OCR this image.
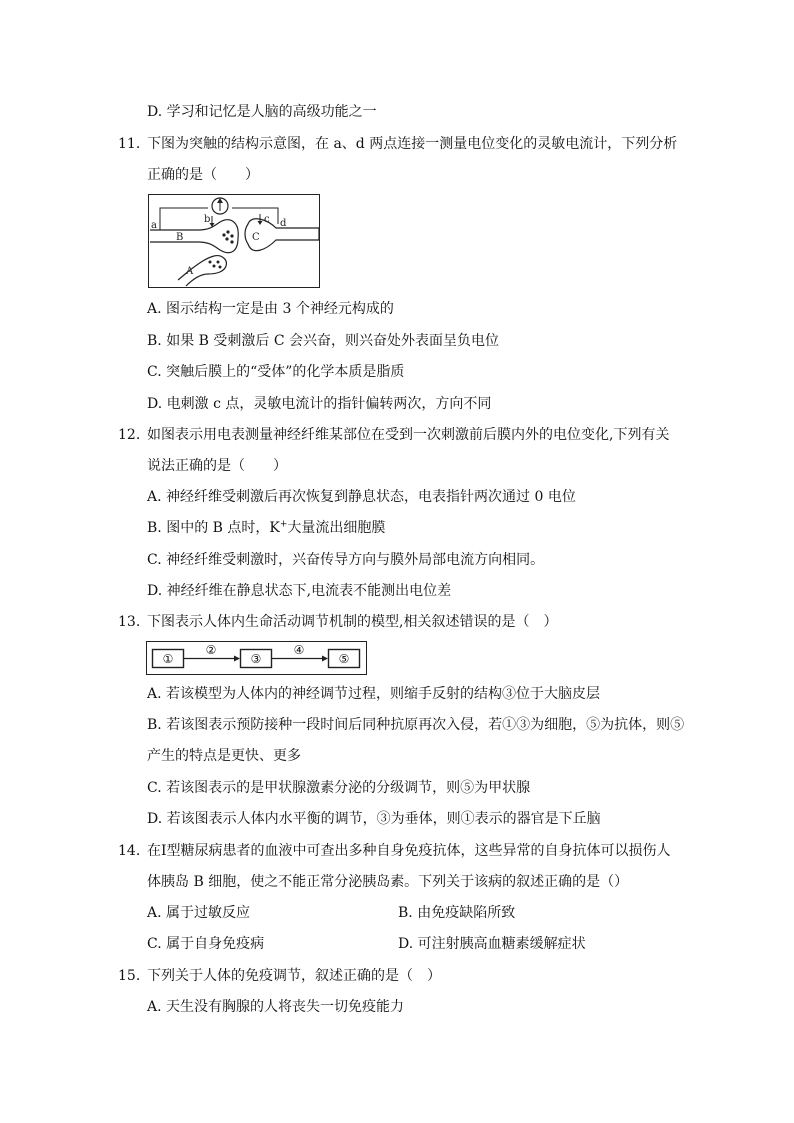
D. 学习和记忆是人脑的高级功能之一
11. 下图为突触的结构示意图，在 a、d 两点连接一测量电位变化的灵敏电流计，下列分析
正确的是（　　）
a
b	c d
B	C
A
A. 图示结构一定是由 3 个神经元构成的
B. 如果 B 受刺激后 C 会兴奋，则兴奋处外表面呈负电位
C. 突触后膜上的“受体”的化学本质是脂质
D. 电刺激 c 点，灵敏电流计的指针偏转两次，方向不同
12. 如图表示用电表测量神经纤维某部位在受到一次刺激前后膜内外的电位变化,下列有关
说法正确的是（　　）
A. 神经纤维受刺激后再次恢复到静息状态，电表指针两次通过 0 电位
B. 图中的 B 点时，K+大量流出细胞膜
C. 神经纤维受刺激时，兴奋传导方向与膜外局部电流方向相同。
D. 神经纤维在静息状态下,电流表不能测出电位差
13. 下图表示人体内生命活动调节机制的模型,相关叙述错误的是（　）
①
②
③
④
⑤
A. 若该模型为人体内的神经调节过程，则缩手反射的结构③位于大脑皮层
B. 若该图表示预防接种一段时间后同种抗原再次入侵，若①③为细胞，⑤为抗体，则⑤
产生的特点是更快、更多
C. 若该图表示的是甲状腺激素分泌的分级调节，则⑤为甲状腺
D. 若该图表示人体内水平衡的调节，③为垂体，则①表示的器官是下丘脑
14. 在Ⅰ型糖尿病患者的血液中可查出多种自身免疫抗体，这些异常的自身抗体可以损伤人
体胰岛 B 细胞，使之不能正常分泌胰岛素。下列关于该病的叙述正确的是（）
A. 属于过敏反应	B. 由免疫缺陷所致
C. 属于自身免疫病	D. 可注射胰高血糖素缓解症状
15. 下列关于人体的免疫调节，叙述正确的是（　）
A. 天生没有胸腺的人将丧失一切免疫能力
